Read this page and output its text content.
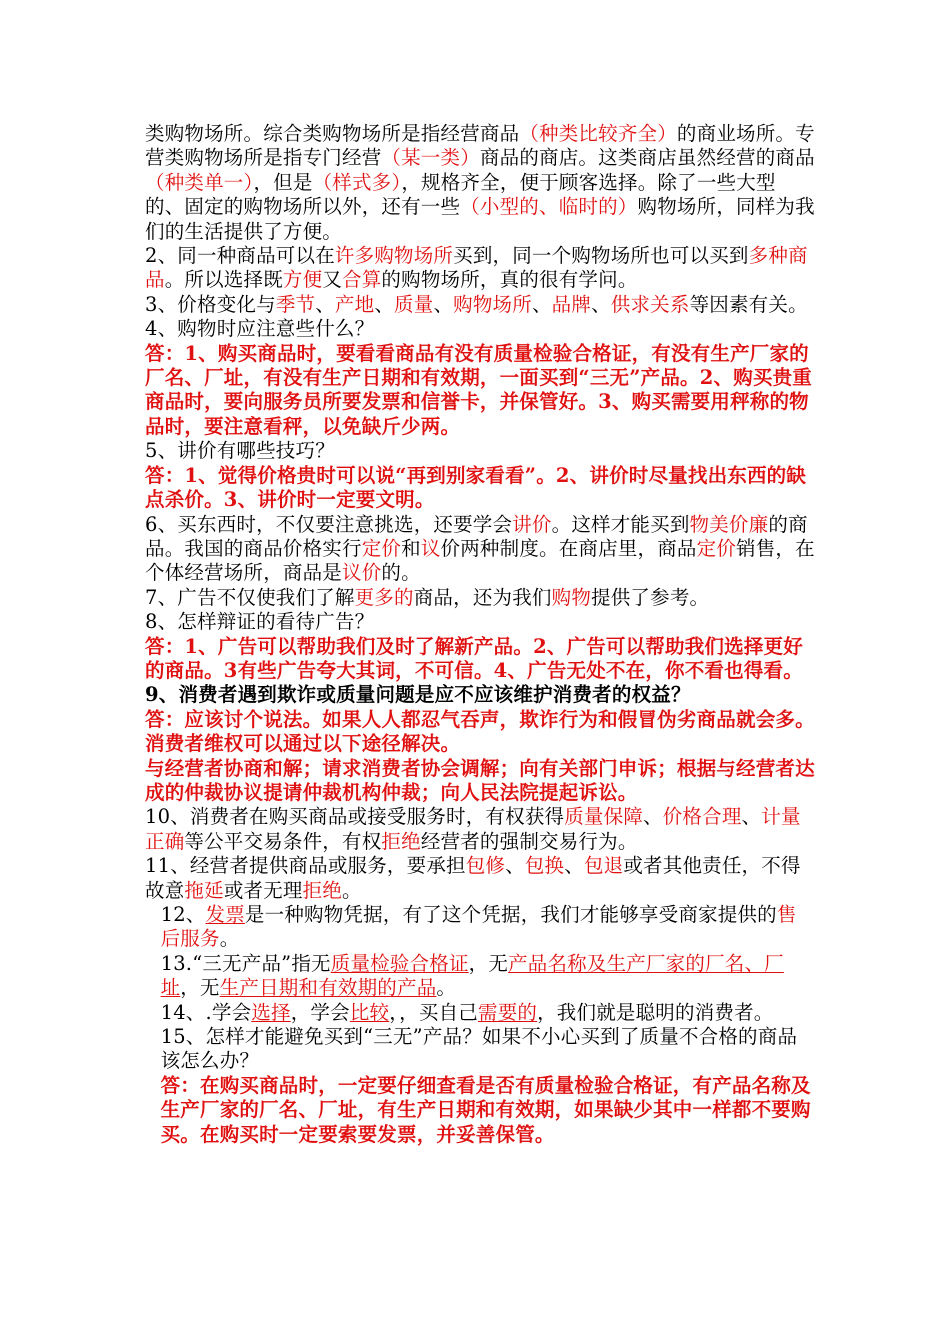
类购物场所。综合类购物场所是指经营商品（种类比较齐全）的商业场所。专营类购物场所是指专门经营（某一类）商品的商店。这类商店虽然经营的商品（种类单一），但是（样式多），规格齐全，便于顾客选择。除了一些大型的、固定的购物场所以外，还有一些（小型的、临时的）购物场所，同样为我们的生活提供了方便。

2、同一种商品可以在许多购物场所买到，同一个购物场所也可以买到多种商品。所以选择既方便又合算的购物场所，真的很有学问。

3、价格变化与季节、产地、质量、购物场所、品牌、供求关系等因素有关。

4、购物时应注意些什么？

答：1、购买商品时，要看看商品有没有质量检验合格证，有没有生产厂家的厂名、厂址，有没有生产日期和有效期，一面买到“三无”产品。2、购买贵重商品时，要向服务员所要发票和信誉卡，并保管好。3、购买需要用秤称的物品时，要注意看秤，以免缺斤少两。

5、讲价有哪些技巧？

答：1、觉得价格贵时可以说“再到别家看看”。2、讲价时尽量找出东西的缺点杀价。3、讲价时一定要文明。

6、买东西时，不仅要注意挑选，还要学会讲价。这样才能买到物美价廉的商品。我国的商品价格实行定价和议价两种制度。在商店里，商品定价销售，在个体经营场所，商品是议价的。

7、广告不仅使我们了解更多的商品，还为我们购物提供了参考。

8、怎样辩证的看待广告？

答：1、广告可以帮助我们及时了解新产品。2、广告可以帮助我们选择更好的商品。3有些广告夸大其词，不可信。4、广告无处不在，你不看也得看。

9、消费者遇到欺诈或质量问题是应不应该维护消费者的权益？

答：应该讨个说法。如果人人都忍气吞声，欺诈行为和假冒伪劣商品就会多。消费者维权可以通过以下途径解决。

与经营者协商和解；请求消费者协会调解；向有关部门申诉；根据与经营者达成的仲裁协议提请仲裁机构仲裁；向人民法院提起诉讼。

10、消费者在购买商品或接受服务时，有权获得质量保障、价格合理、计量正确等公平交易条件，有权拒绝经营者的强制交易行为。

11、经营者提供商品或服务，要承担包修、包换、包退或者其他责任，不得故意拖延或者无理拒绝。

12、发票是一种购物凭据，有了这个凭据，我们才能够享受商家提供的售后服务。

13.“三无产品”指无质量检验合格证，无产品名称及生产厂家的厂名、厂址，无生产日期和有效期的产品。

14、.学会选择，学会比较，，买自己需要的，我们就是聪明的消费者。

15、怎样才能避免买到“三无”产品？如果不小心买到了质量不合格的商品该怎么办？

答：在购买商品时，一定要仔细查看是否有质量检验合格证，有产品名称及生产厂家的厂名、厂址，有生产日期和有效期，如果缺少其中一样都不要购买。在购买时一定要索要发票，并妥善保管。
